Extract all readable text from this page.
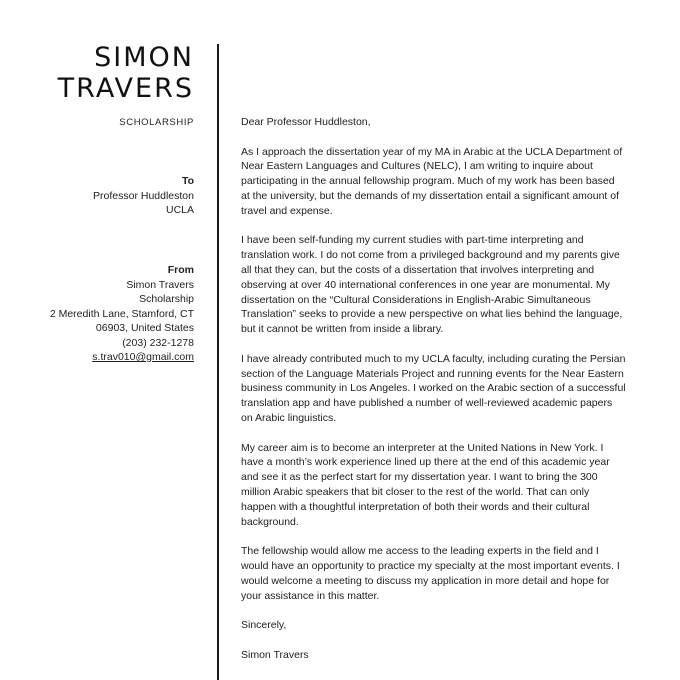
SIMON
TRAVERS
SCHOLARSHIP
To
Professor Huddleston
UCLA
From
Simon Travers
Scholarship
2 Meredith Lane, Stamford, CT
06903, United States
(203) 232-1278
s.trav010@gmail.com

Dear Professor Huddleston,

As I approach the dissertation year of my MA in Arabic at the UCLA Department of Near Eastern Languages and Cultures (NELC), I am writing to inquire about participating in the annual fellowship program. Much of my work has been based at the university, but the demands of my dissertation entail a significant amount of travel and expense.

I have been self-funding my current studies with part-time interpreting and translation work. I do not come from a privileged background and my parents give all that they can, but the costs of a dissertation that involves interpreting and observing at over 40 international conferences in one year are monumental. My dissertation on the “Cultural Considerations in English-Arabic Simultaneous Translation” seeks to provide a new perspective on what lies behind the language, but it cannot be written from inside a library.

I have already contributed much to my UCLA faculty, including curating the Persian section of the Language Materials Project and running events for the Near Eastern business community in Los Angeles. I worked on the Arabic section of a successful translation app and have published a number of well-reviewed academic papers on Arabic linguistics.

My career aim is to become an interpreter at the United Nations in New York. I have a month’s work experience lined up there at the end of this academic year and see it as the perfect start for my dissertation year. I want to bring the 300 million Arabic speakers that bit closer to the rest of the world. That can only happen with a thoughtful interpretation of both their words and their cultural background.

The fellowship would allow me access to the leading experts in the field and I would have an opportunity to practice my specialty at the most important events. I would welcome a meeting to discuss my application in more detail and hope for your assistance in this matter.

Sincerely,

Simon Travers
